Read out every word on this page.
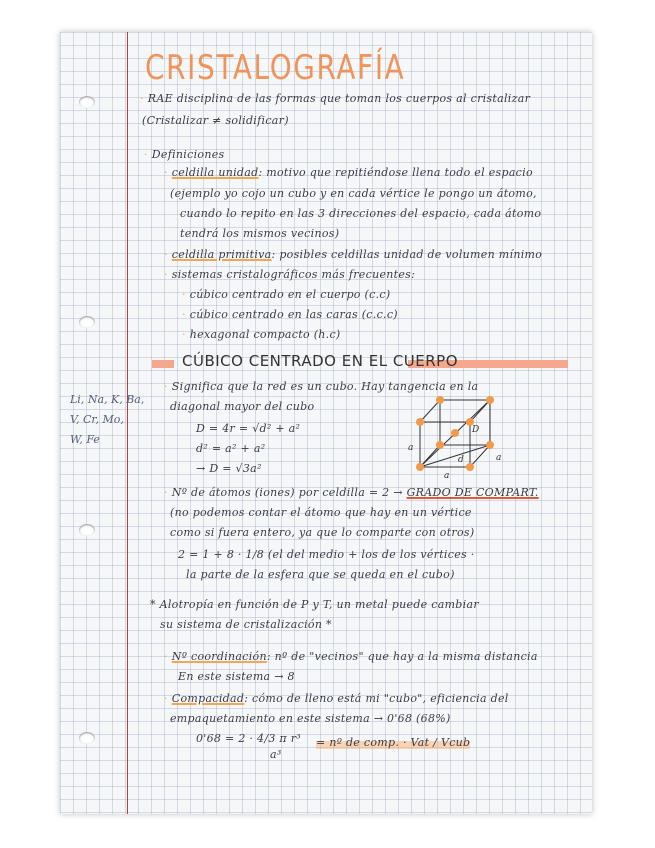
CRISTALOGRAFÍA
· RAE disciplina de las formas que toman los cuerpos al cristalizar
(Cristalizar ≠ solidificar)
· Definiciones
· celdilla unidad: motivo que repitiéndose llena todo el espacio
(ejemplo yo cojo un cubo y en cada vértice le pongo un átomo,
cuando lo repito en las 3 direcciones del espacio, cada átomo
tendrá los mismos vecinos)
· celdilla primitiva: posibles celdillas unidad de volumen mínimo
· sistemas cristalográficos más frecuentes:
· cúbico centrado en el cuerpo (c.c)
· cúbico centrado en las caras (c.c.c)
· hexagonal compacto (h.c)
CÚBICO CENTRADO EN EL CUERPO
Li, Na, K, Ba,
V, Cr, Mo,
W, Fe
· Significa que la red es un cubo. Hay tangencia en la
diagonal mayor del cubo
D = 4r = √d² + a²
d² = a² + a²
→ D = √3a²
a
a
a
d
D
· Nº de átomos (iones) por celdilla = 2 → GRADO DE COMPART.
(no podemos contar el átomo que hay en un vértice
como si fuera entero, ya que lo comparte con otros)
2 = 1 + 8 · 1/8 (el del medio + los de los vértices ·
la parte de la esfera que se queda en el cubo)
* Alotropía en función de P y T, un metal puede cambiar
su sistema de cristalización *
· Nº coordinación: nº de "vecinos" que hay a la misma distancia
En este sistema → 8
· Compacidad: cómo de lleno está mi "cubo", eficiencia del
empaquetamiento en este sistema → 0'68 (68%)
0'68 = 2 · 4/3 π r³
a³
= nº de comp. · Vat / Vcub
